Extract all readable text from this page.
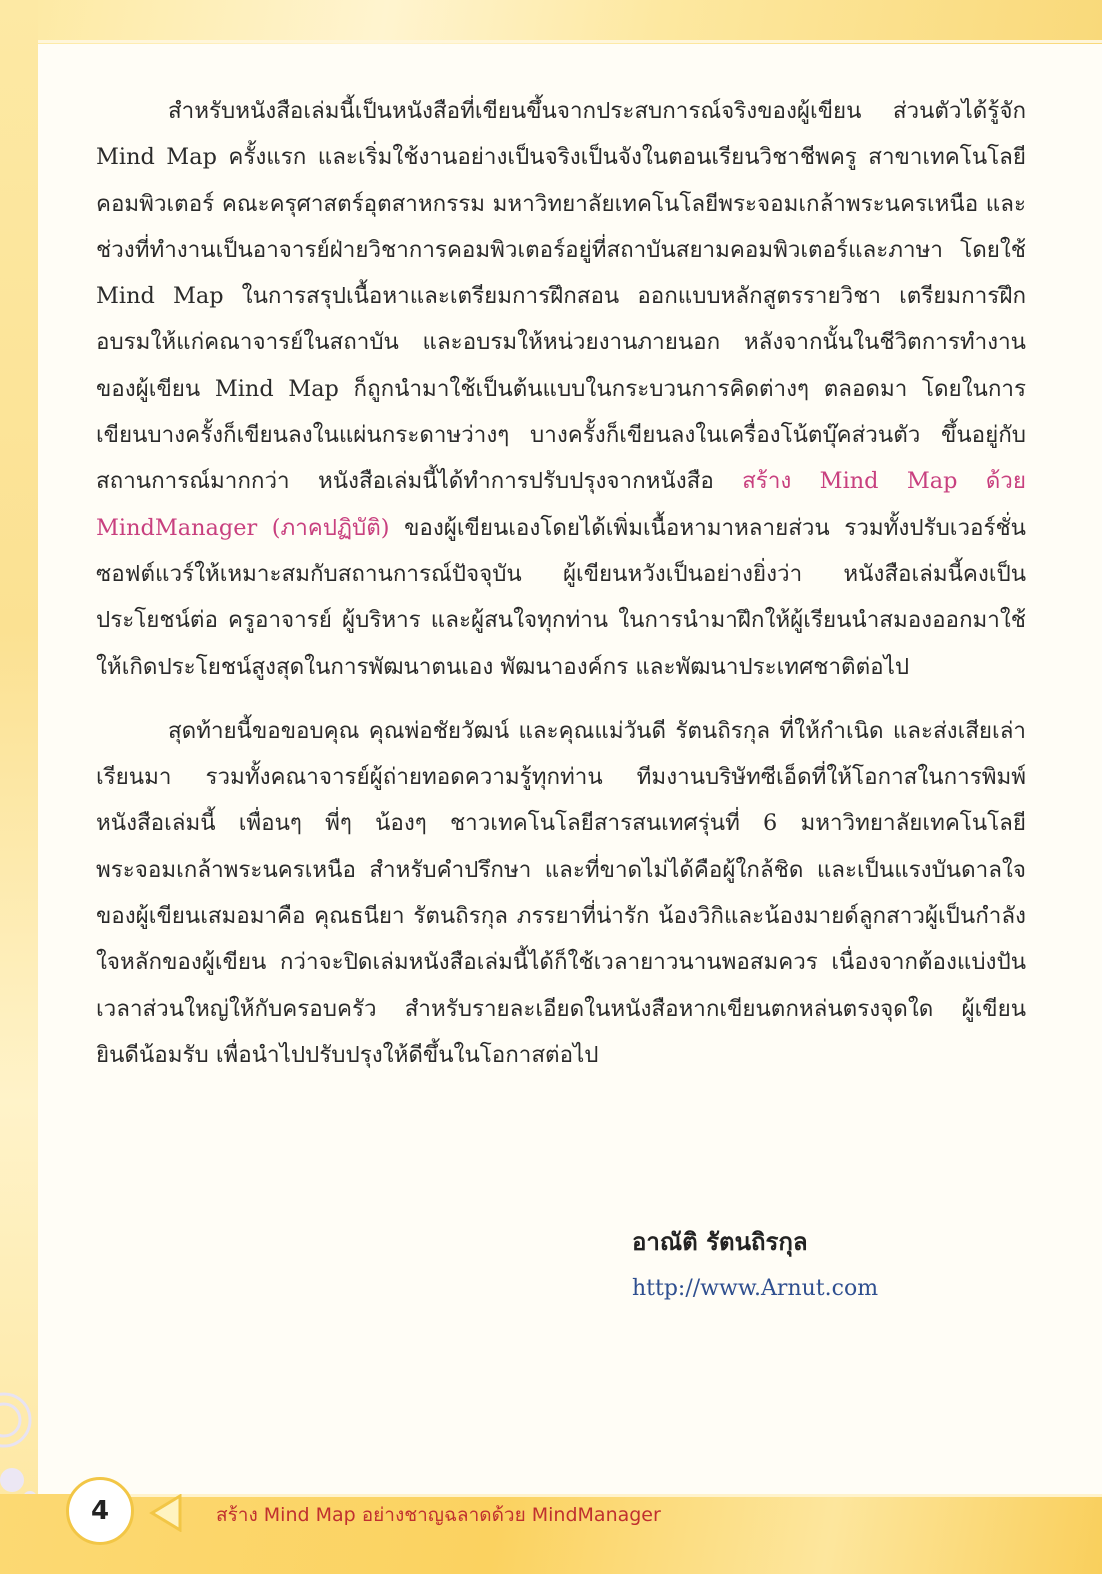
สำหรับหนังสือเล่มนี้เป็นหนังสือที่เขียนขึ้นจากประสบการณ์จริงของผู้เขียน ส่วนตัวได้รู้จัก Mind Map ครั้งแรก และเริ่มใช้งานอย่างเป็นจริงเป็นจังในตอนเรียนวิชาชีพครู สาขาเทคโนโลยีคอมพิวเตอร์ คณะครุศาสตร์อุตสาหกรรม มหาวิทยาลัยเทคโนโลยีพระจอมเกล้าพระนครเหนือ และช่วงที่ทำงานเป็นอาจารย์ฝ่ายวิชาการคอมพิวเตอร์อยู่ที่สถาบันสยามคอมพิวเตอร์และภาษา โดยใช้ Mind Map ในการสรุปเนื้อหาและเตรียมการฝึกสอน ออกแบบหลักสูตรรายวิชา เตรียมการฝึกอบรมให้แก่คณาจารย์ในสถาบัน และอบรมให้หน่วยงานภายนอก หลังจากนั้นในชีวิตการทำงานของผู้เขียน Mind Map ก็ถูกนำมาใช้เป็นต้นแบบในกระบวนการคิดต่างๆ ตลอดมา โดยในการเขียนบางครั้งก็เขียนลงในแผ่นกระดาษว่างๆ บางครั้งก็เขียนลงในเครื่องโน้ตบุ๊คส่วนตัว ขึ้นอยู่กับสถานการณ์มากกว่า หนังสือเล่มนี้ได้ทำการปรับปรุงจากหนังสือ สร้าง Mind Map ด้วย MindManager (ภาคปฏิบัติ) ของผู้เขียนเองโดยได้เพิ่มเนื้อหามาหลายส่วน รวมทั้งปรับเวอร์ชั่นซอฟต์แวร์ให้เหมาะสมกับสถานการณ์ปัจจุบัน ผู้เขียนหวังเป็นอย่างยิ่งว่า หนังสือเล่มนี้คงเป็นประโยชน์ต่อ ครูอาจารย์ ผู้บริหาร และผู้สนใจทุกท่าน ในการนำมาฝึกให้ผู้เรียนนำสมองออกมาใช้ให้เกิดประโยชน์สูงสุดในการพัฒนาตนเอง พัฒนาองค์กร และพัฒนาประเทศชาติต่อไป

สุดท้ายนี้ขอขอบคุณ คุณพ่อชัยวัฒน์ และคุณแม่วันดี รัตนถิรกุล ที่ให้กำเนิด และส่งเสียเล่าเรียนมา รวมทั้งคณาจารย์ผู้ถ่ายทอดความรู้ทุกท่าน ทีมงานบริษัทซีเอ็ดที่ให้โอกาสในการพิมพ์หนังสือเล่มนี้ เพื่อนๆ พี่ๆ น้องๆ ชาวเทคโนโลยีสารสนเทศรุ่นที่ 6 มหาวิทยาลัยเทคโนโลยีพระจอมเกล้าพระนครเหนือ สำหรับคำปรึกษา และที่ขาดไม่ได้คือผู้ใกล้ชิด และเป็นแรงบันดาลใจของผู้เขียนเสมอมาคือ คุณธนียา รัตนถิรกุล ภรรยาที่น่ารัก น้องวิกิและน้องมายด์ลูกสาวผู้เป็นกำลังใจหลักของผู้เขียน กว่าจะปิดเล่มหนังสือเล่มนี้ได้ก็ใช้เวลายาวนานพอสมควร เนื่องจากต้องแบ่งปันเวลาส่วนใหญ่ให้กับครอบครัว สำหรับรายละเอียดในหนังสือหากเขียนตกหล่นตรงจุดใด ผู้เขียนยินดีน้อมรับ เพื่อนำไปปรับปรุงให้ดีขึ้นในโอกาสต่อไป

อาณัติ รัตนถิรกุล
http://www.Arnut.com
4	สร้าง Mind Map อย่างชาญฉลาดด้วย MindManager
